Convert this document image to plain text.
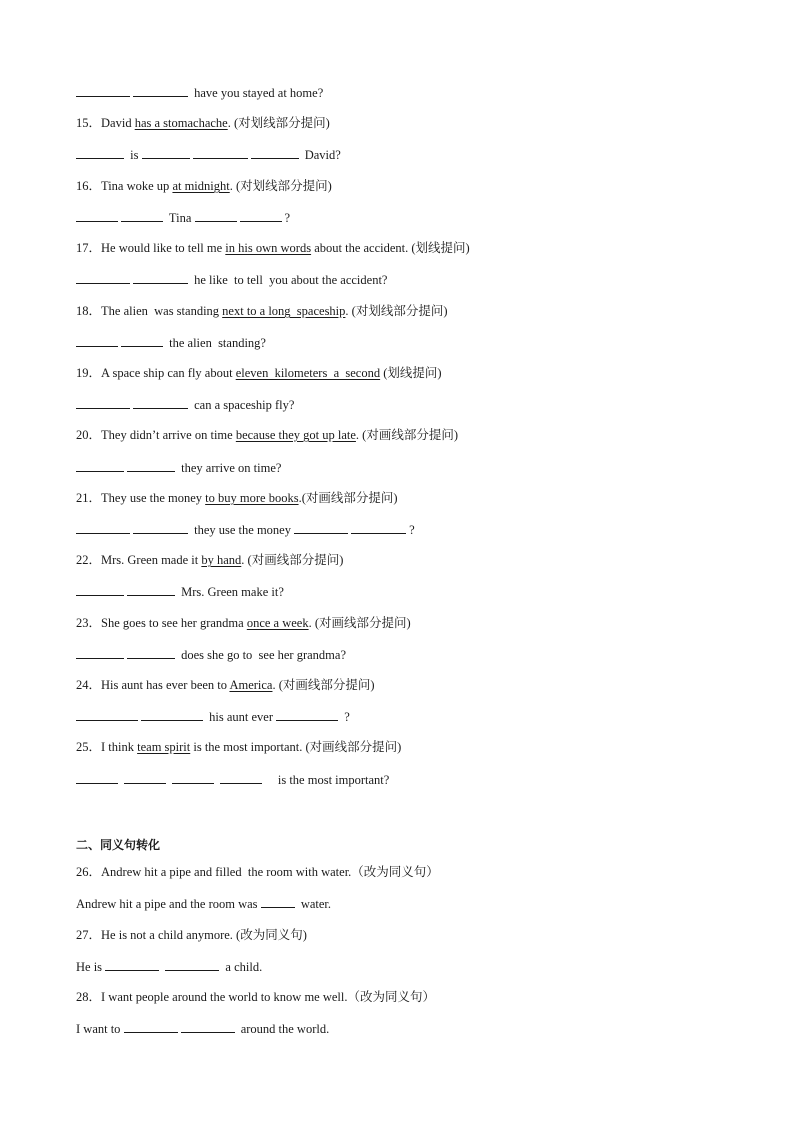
have you stayed at home?
15．David has a stomachache. (对划线部分提问)
is	David?
16．Tina woke up at midnight. (对划线部分提问)
Tina	?
17．He would like to tell me in his own words about the accident. (划线提问)
he like  to tell  you about the accident?
18．The alien  was standing next to a long  spaceship. (对划线部分提问)
the alien  standing?
19．A space ship can fly about eleven  kilometers  a  second (划线提问)
can a spaceship fly?
20．They didn’t arrive on time because they got up late. (对画线部分提问)
they arrive on time?
21．They use the money to buy more books.(对画线部分提问)
they use the money	?
22．Mrs. Green made it by hand. (对画线部分提问)
Mrs. Green make it?
23．She goes to see her grandma once a week. (对画线部分提问)
does she go to  see her grandma?
24．His aunt has ever been to America. (对画线部分提问)
his aunt ever	?
25．I think team spirit is the most important. (对画线部分提问)
is the most important?
二、同义句转化
26．Andrew hit a pipe and filled  the room with water.（改为同义句）
Andrew hit a pipe and the room was	water.
27．He is not a child anymore. (改为同义句)
He is	a child.
28．I want people around the world to know me well.（改为同义句）
I want to	around the world.
